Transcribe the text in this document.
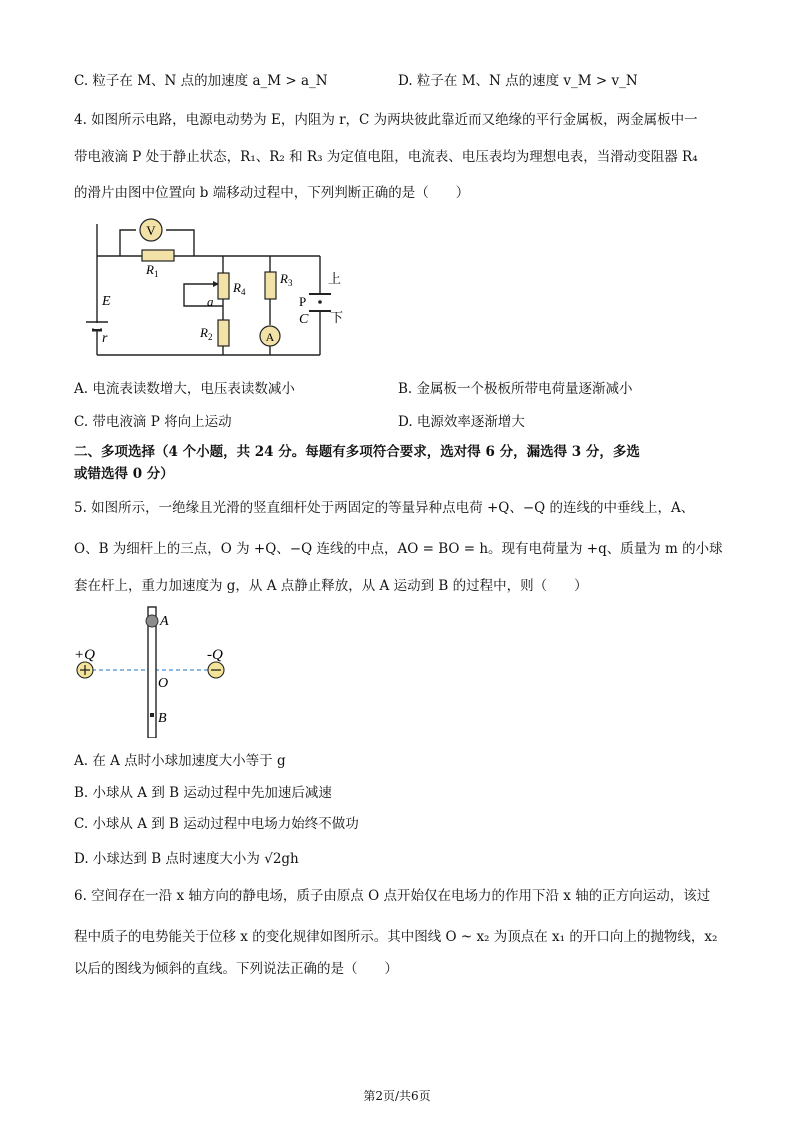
C. 粒子在 M、N 点的加速度 a_M > a_N	D. 粒子在 M、N 点的速度 v_M > v_N
4. 如图所示电路，电源电动势为 E，内阻为 r，C 为两块彼此靠近而又绝缘的平行金属板，两金属板中一
带电液滴 P 处于静止状态，R₁、R₂ 和 R₃ 为定值电阻，电流表、电压表均为理想电表，当滑动变阻器 R₄
的滑片由图中位置向 b 端移动过程中，下列判断正确的是（　　）
V
A
$R_1$
E
r
a
$R_4$
$R_2$
$R_3$
P
C
上
下
A. 电流表读数增大，电压表读数减小	B. 金属板一个极板所带电荷量逐渐减小
C. 带电液滴 P 将向上运动	D. 电源效率逐渐增大
二、多项选择（4 个小题，共 24 分。每题有多项符合要求，选对得 6 分，漏选得 3 分，多选
或错选得 0 分）
5. 如图所示，一绝缘且光滑的竖直细杆处于两固定的等量异种点电荷 +Q、−Q 的连线的中垂线上，A、
O、B 为细杆上的三点，O 为 +Q、−Q 连线的中点，AO = BO = h。现有电荷量为 +q、质量为 m 的小球
套在杆上，重力加速度为 g，从 A 点静止释放，从 A 运动到 B 的过程中，则（　　）
+Q	-Q
A
O
B
A. 在 A 点时小球加速度大小等于 g
B. 小球从 A 到 B 运动过程中先加速后减速
C. 小球从 A 到 B 运动过程中电场力始终不做功
D. 小球达到 B 点时速度大小为 √2gh
6. 空间存在一沿 x 轴方向的静电场，质子由原点 O 点开始仅在电场力的作用下沿 x 轴的正方向运动，该过
程中质子的电势能关于位移 x 的变化规律如图所示。其中图线 O ~ x₂ 为顶点在 x₁ 的开口向上的抛物线，x₂
以后的图线为倾斜的直线。下列说法正确的是（　　）
第2页/共6页
